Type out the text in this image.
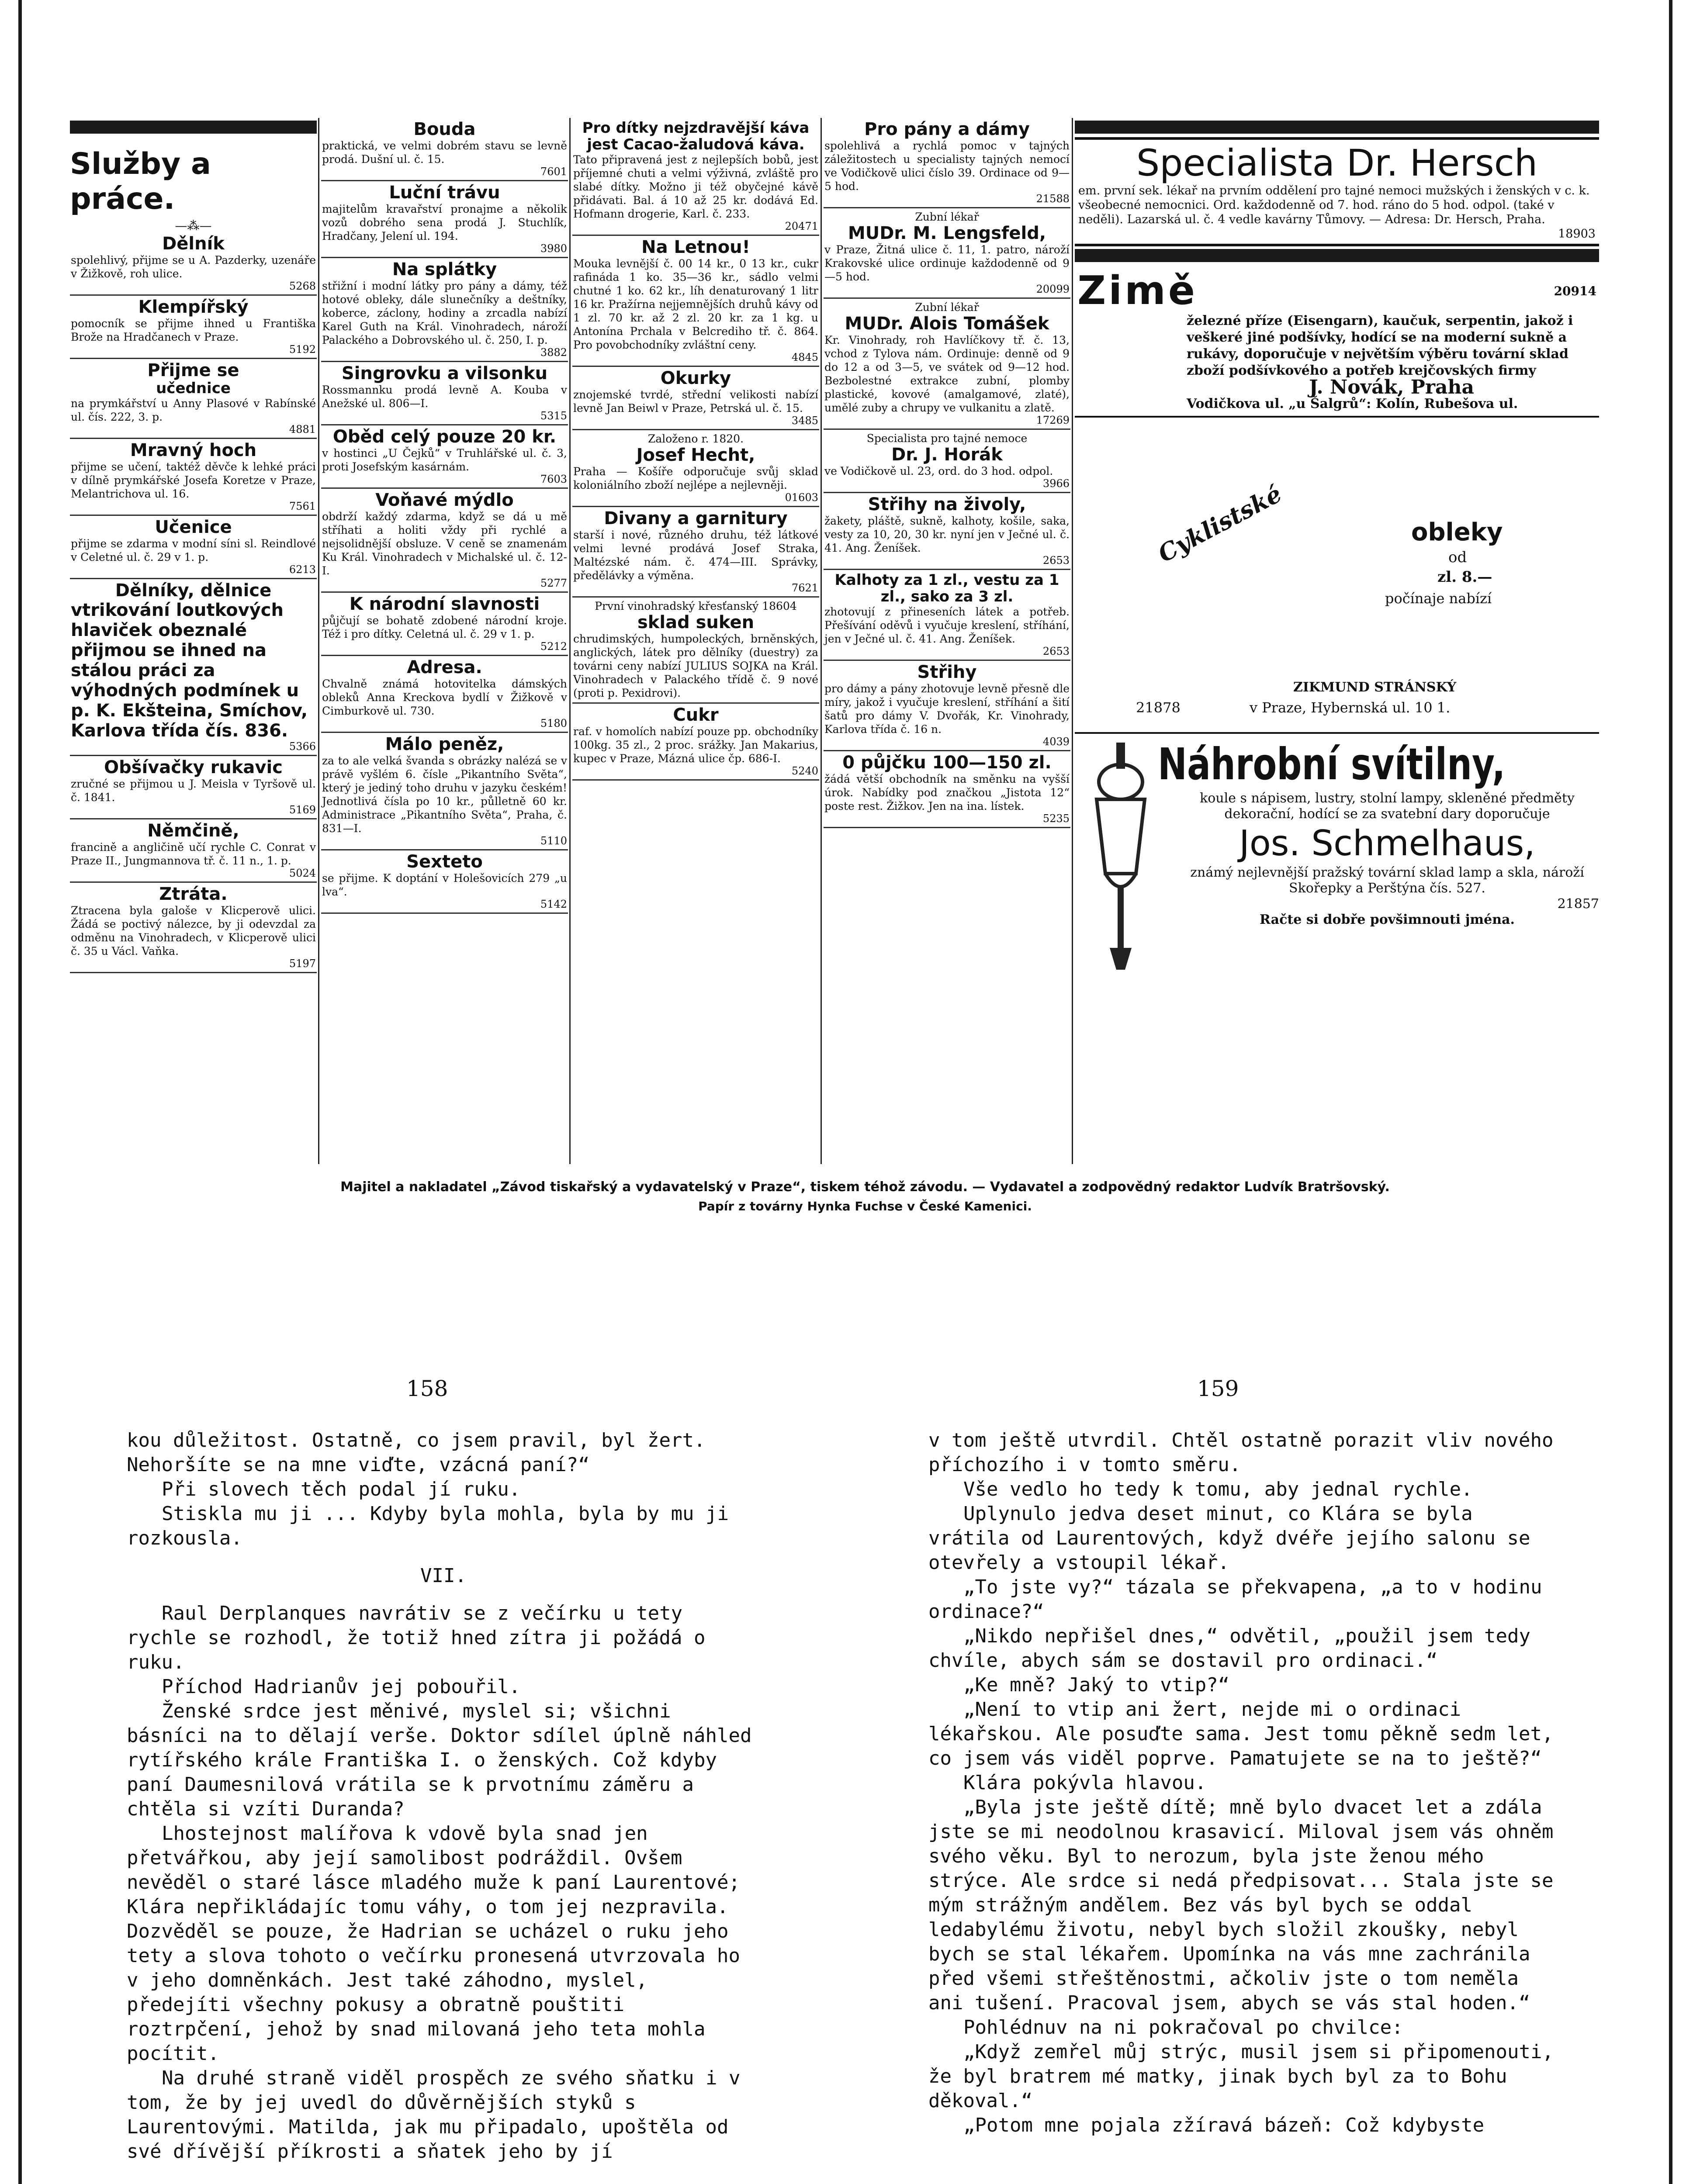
Služby a práce.
—⁂—
Dělník

spolehlivý, přijme se u A. Pazderky, uzenáře v Žižkově, roh ulice.

5268
Klempířský

pomocník se přijme ihned u Františka Brože na Hradčanech v Praze.

5192
Přijme se
učednice

na prymkářství u Anny Plasové v Rabínské ul. čís. 222, 3. p.

4881
Mravný hoch

přijme se učení, taktéž děvče k lehké práci v dílně prymkářské Josefa Koretze v Praze, Melantrichova ul. 16.

7561
Učenice

přijme se zdarma v modní síni sl. Reindlové v Celetné ul. č. 29 v 1. p.

6213
Dělníky, dělnice

vtrikování loutkových hlaviček obeznalé přijmou se ihned na stálou práci za výhodných podmínek u p. K. Ekšteina, Smíchov, Karlova třída čís. 836.

5366
Obšívačky rukavic

zručné se přijmou u J. Meisla v Tyršově ul. č. 1841.

5169
Němčině,

francině a angličině učí rychle C. Conrat v Praze II., Jungmannova tř. č. 11 n., 1. p.

5024
Ztráta.

Ztracena byla galoše v Klicperově ulici. Žádá se poctivý nálezce, by ji odevzdal za odměnu na Vinohradech, v Klicperově ulici č. 35 u Václ. Vaňka.

5197
Bouda

praktická, ve velmi dobrém stavu se levně prodá. Dušní ul. č. 15.

7601
Luční trávu

majitelům kravařství pronajme a několik vozů dobrého sena prodá J. Stuchlík, Hradčany, Jelení ul. 194.

3980
Na splátky

střižní i modní látky pro pány a dámy, též hotové obleky, dále slunečníky a deštníky, koberce, záclony, hodiny a zrcadla nabízí Karel Guth na Král. Vinohradech, nároží Palackého a Dobrovského ul. č. 250, I. p.

3882
Singrovku a vilsonku

Rossmannku prodá levně A. Kouba v Anežské ul. 806—I.

5315
Oběd celý pouze 20 kr.

v hostinci „U Čejků“ v Truhlářské ul. č. 3, proti Josefským kasárnám.

7603
Voňavé mýdlo

obdrží každý zdarma, když se dá u mě stříhati a holiti vždy při rychlé a nejsolidnější obsluze. V ceně se znamenám Ku Král. Vinohradech v Michalské ul. č. 12-I.

5277
K národní slavnosti

půjčují se bohatě zdobené národní kroje. Též i pro dítky. Celetná ul. č. 29 v 1. p.

5212
Adresa.

Chvalně známá hotovitelka dámských obleků Anna Kreckova bydlí v Žižkově v Cimburkově ul. 730.

5180
Málo peněz,

za to ale velká švanda s obrázky nalézá se v právě vyšlém 6. čísle „Pikantního Světa“, který je jediný toho druhu v jazyku českém! Jednotlivá čísla po 10 kr., půlletně 60 kr. Administrace „Pikantního Světa“, Praha, č. 831—I.

5110
Sexteto

se přijme. K doptání v Holešovicích 279 „u lva“.

5142
Pro dítky nejzdravější káva jest Cacao-žaludová káva.

Tato připravená jest z nejlepších bobů, jest příjemné chuti a velmi výživná, zvláště pro slabé dítky. Možno ji též obyčejné kávě přidávati. Bal. á 10 až 25 kr. dodává Ed. Hofmann drogerie, Karl. č. 233.

20471
Na Letnou!

Mouka levnější č. 00 14 kr., 0 13 kr., cukr rafináda 1 ko. 35—36 kr., sádlo velmi chutné 1 ko. 62 kr., líh denaturovaný 1 litr 16 kr. Pražírna nejjemnějších druhů kávy od 1 zl. 70 kr. až 2 zl. 20 kr. za 1 kg. u Antonína Prchala v Belcrediho tř. č. 864. Pro povobchodníky zvláštní ceny.

4845
Okurky

znojemské tvrdé, střední velikosti nabízí levně Jan Beiwl v Praze, Petrská ul. č. 15.

3485

Založeno r. 1820.

Josef Hecht,

Praha — Košíře odporučuje svůj sklad koloniálního zboží nejlépe a nejlevněji.

01603
Divany a garnitury

starší i nové, různého druhu, též látkové velmi levné prodává Josef Straka, Maltézské nám. č. 474—III. Správky, předělávky a výměna.

7621

První vinohradský křesťanský 18604

sklad suken

chrudimských, humpoleckých, brněnských, anglických, látek pro dělníky (duestry) za továrni ceny nabízí JULIUS SOJKA na Král. Vinohradech v Palackého třídě č. 9 nové (proti p. Pexidrovi).

Cukr

raf. v homolích nabízí pouze pp. obchodníky 100kg. 35 zl., 2 proc. srážky. Jan Makarius, kupec v Praze, Mázná ulice čp. 686-I.

5240
Pro pány a dámy

spolehlivá a rychlá pomoc v tajných záležitostech u specialisty tajných nemocí ve Vodičkově ulici číslo 39. Ordinace od 9—5 hod.

21588

Zubní lékař

MUDr. M. Lengsfeld,

v Praze, Žitná ulice č. 11, 1. patro, nároží Krakovské ulice ordinuje každodenně od 9—5 hod.

20099

Zubní lékař

MUDr. Alois Tomášek

Kr. Vinohrady, roh Havlíčkovy tř. č. 13, vchod z Tylova nám. Ordinuje: denně od 9 do 12 a od 3—5, ve svátek od 9—12 hod. Bezbolestné extrakce zubní, plomby plastické, kovové (amalgamové, zlaté), umělé zuby a chrupy ve vulkanitu a zlatě.

17269

Specialista pro tajné nemoce

Dr. J. Horák

ve Vodičkově ul. 23, ord. do 3 hod. odpol.

3966
Střihy na živoly,

žakety, pláště, sukně, kalhoty, košile, saka, vesty za 10, 20, 30 kr. nyní jen v Ječné ul. č. 41. Ang. Ženíšek.

2653
Kalhoty za 1 zl., vestu za 1 zl., sako za 3 zl.

zhotovují z přineseních látek a potřeb. Přešívání oděvů i vyučuje kreslení, stříhání, jen v Ječné ul. č. 41. Ang. Ženíšek.

2653
Střihy

pro dámy a pány zhotovuje levně přesně dle míry, jakož i vyučuje kreslení, stříhání a šití šatů pro dámy V. Dvořák, Kr. Vinohrady, Karlova třída č. 16 n.

4039
0 půjčku 100—150 zl.

žádá větší obchodník na směnku na vyšší úrok. Nabídky pod značkou „Jistota 12“ poste rest. Žižkov. Jen na ina. lístek.

5235
Specialista Dr. Hersch

em. první sek. lékař na prvním oddělení pro tajné nemoci mužských i ženských v c. k. všeobecné nemocnici. Ord. každodenně od 7. hod. ráno do 5 hod. odpol. (také v neděli). Lazarská ul. č. 4 vedle kavárny Tůmovy. — Adresa: Dr. Hersch, Praha.

18903

Zimě	20914

železné příze (Eisengarn), kaučuk, serpentin, jakož i veškeré jiné podšívky, hodící se na moderní sukně a rukávy, doporučuje v největším výběru tovární sklad zboží podšívkového a potřeb krejčovských firmy

J. Novák, Praha

Vodičkova ul. „u Šalgrů“: Kolín, Rubešova ul.

Cyklistské	obleky
od
zl. 8.—
počínaje nabízí
ZIKMUND STRÁNSKÝ
21878	v Praze, Hybernská ul. 10 1.
Náhrobní svítilny,

koule s nápisem, lustry, stolní lampy, skleněné předměty dekorační, hodící se za svatební dary doporučuje

Jos. Schmelhaus,

známý nejlevnější pražský tovární sklad lamp a skla, nároží Skořepky a Perštýna čís. 527.

21857

Račte si dobře povšimnouti jména.

Majitel a nakladatel „Závod tiskařský a vydavatelský v Praze“, tiskem téhož závodu. — Vydavatel a zodpovědný redaktor Ludvík Bratršovský.
Papír z továrny Hynka Fuchse v České Kamenici.
158	159

kou důležitost. Ostatně, co jsem pravil, byl žert. Nehoršíte se na mne viďte, vzácná paní?“

Při slovech těch podal jí ruku.

Stiskla mu ji ... Kdyby byla mohla, byla by mu ji rozkousla.

VII.

Raul Derplanques navrátiv se z večírku u tety rychle se rozhodl, že totiž hned zítra ji požádá o ruku.

Příchod Hadrianův jej pobouřil.

Ženské srdce jest měnivé, myslel si; všichni básníci na to dělají verše. Doktor sdílel úplně náhled rytířského krále Františka I. o ženských. Což kdyby paní Daumesnilová vrátila se k prvotnímu záměru a chtěla si vzíti Duranda?

Lhostejnost malířova k vdově byla snad jen přetvářkou, aby její samolibost podráždil. Ovšem nevěděl o staré lásce mladého muže k paní Laurentové; Klára nepřikládajíc tomu váhy, o tom jej nezpravila. Dozvěděl se pouze, že Hadrian se ucházel o ruku jeho tety a slova tohoto o večírku pronesená utvrzovala ho v jeho domněnkách. Jest také záhodno, myslel, předejíti všechny pokusy a obratně pouštiti roztrpčení, jehož by snad milovaná jeho teta mohla pocítit.

Na druhé straně viděl prospěch ze svého sňatku i v tom, že by jej uvedl do důvěrnějších styků s Laurentovými. Matilda, jak mu připadalo, upoštěla od své dřívější příkrosti a sňatek jeho by jí

v tom ještě utvrdil. Chtěl ostatně porazit vliv nového příchozího i v tomto směru.

Vše vedlo ho tedy k tomu, aby jednal rychle.

Uplynulo jedva deset minut, co Klára se byla vrátila od Laurentových, když dvéře jejího salonu se otevřely a vstoupil lékař.

„To jste vy?“ tázala se překvapena, „a to v hodinu ordinace?“

„Nikdo nepřišel dnes,“ odvětil, „použil jsem tedy chvíle, abych sám se dostavil pro ordinaci.“

„Ke mně? Jaký to vtip?“

„Není to vtip ani žert, nejde mi o ordinaci lékařskou. Ale posuďte sama. Jest tomu pěkně sedm let, co jsem vás viděl poprve. Pamatujete se na to ještě?“

Klára pokývla hlavou.

„Byla jste ještě dítě; mně bylo dvacet let a zdála jste se mi neodolnou krasavicí. Miloval jsem vás ohněm svého věku. Byl to nerozum, byla jste ženou mého strýce. Ale srdce si nedá předpisovat... Stala jste se mým strážným andělem. Bez vás byl bych se oddal ledabylému životu, nebyl bych složil zkoušky, nebyl bych se stal lékařem. Upomínka na vás mne zachránila před všemi střeštěnostmi, ačkoliv jste o tom neměla ani tušení. Pracoval jsem, abych se vás stal hoden.“

Pohlédnuv na ni pokračoval po chvilce:

„Když zemřel můj strýc, musil jsem si připomenouti, že byl bratrem mé matky, jinak bych byl za to Bohu děkoval.“

„Potom mne pojala zžíravá bázeň: Což kdybyste
